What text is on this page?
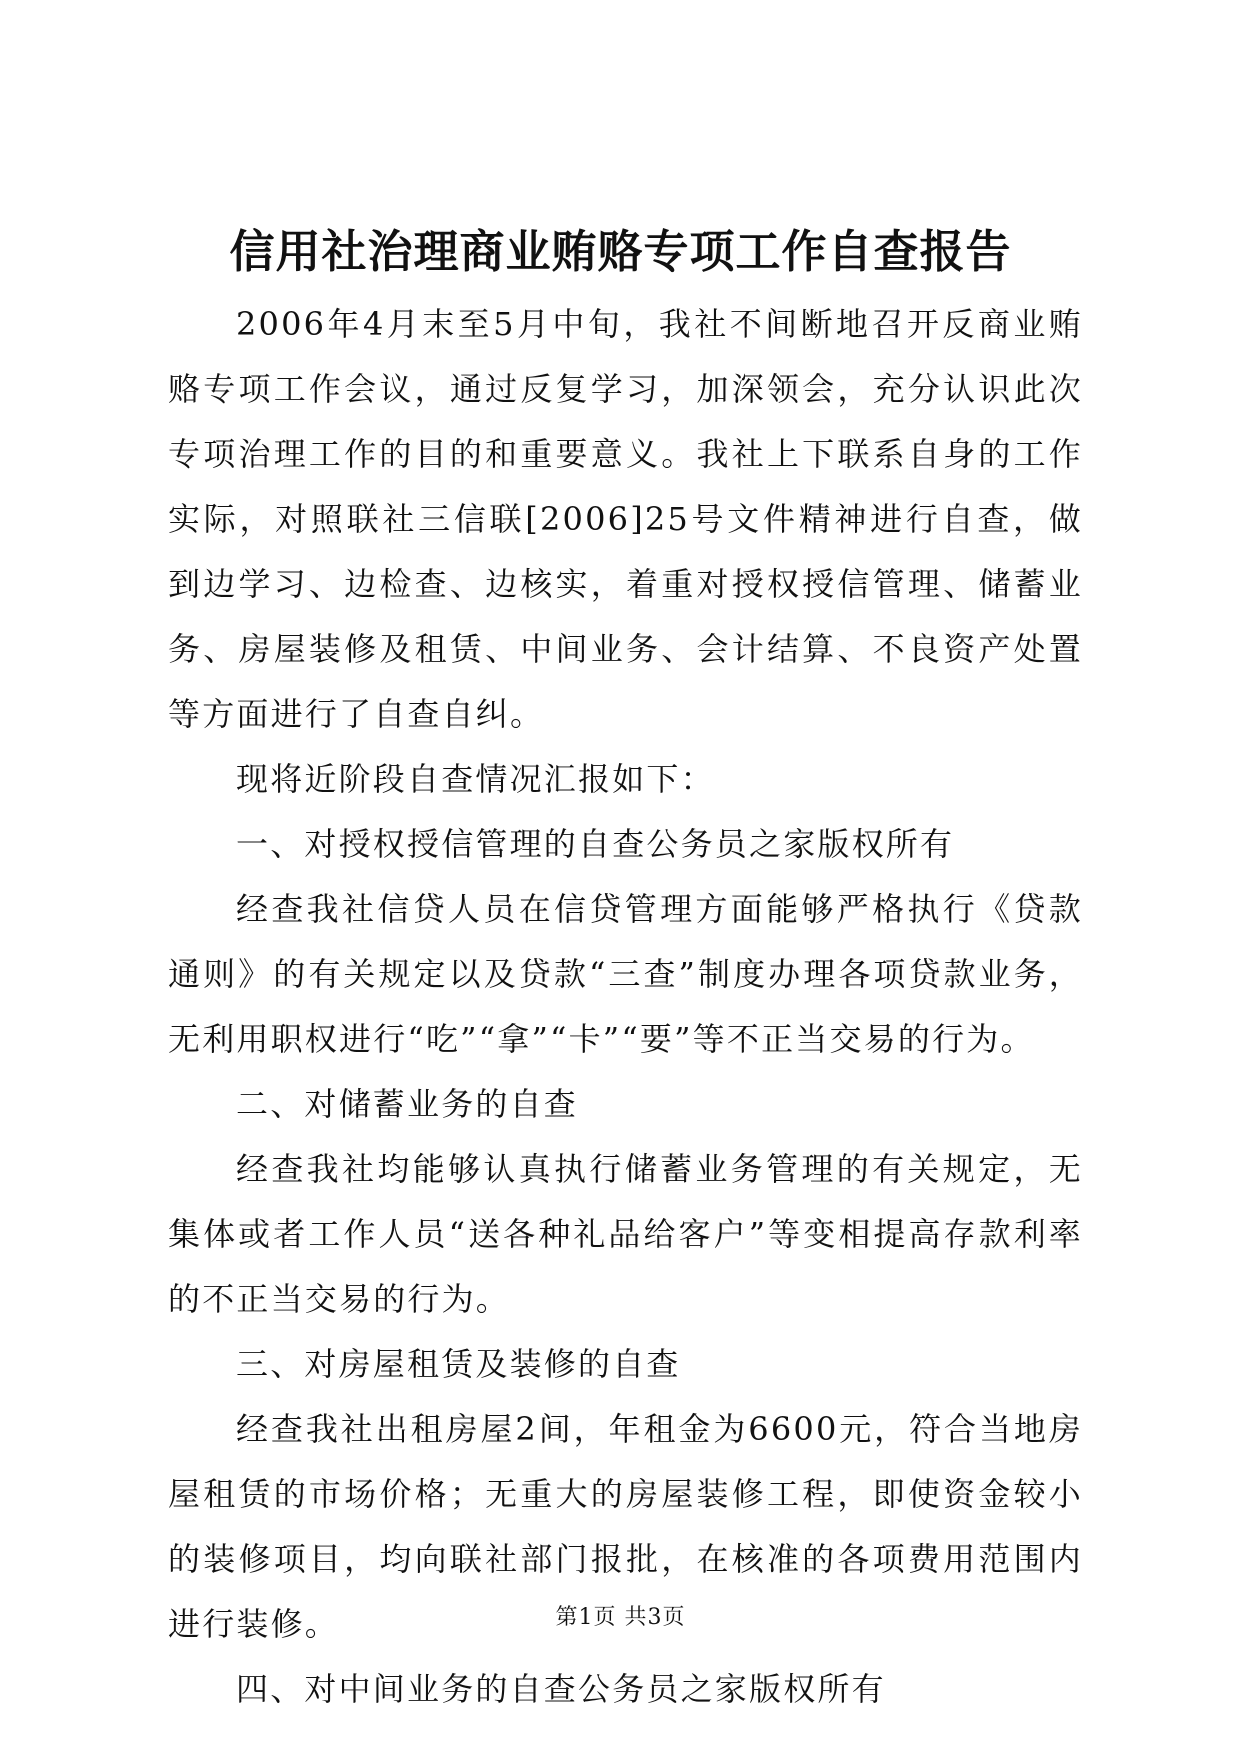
信用社治理商业贿赂专项工作自查报告

2006年4月末至5月中旬，我社不间断地召开反商业贿赂专项工作会议，通过反复学习，加深领会，充分认识此次专项治理工作的目的和重要意义。我社上下联系自身的工作实际，对照联社三信联[2006]25号文件精神进行自查，做到边学习、边检查、边核实，着重对授权授信管理、储蓄业务、房屋装修及租赁、中间业务、会计结算、不良资产处置等方面进行了自查自纠。

现将近阶段自查情况汇报如下：

一、对授权授信管理的自查公务员之家版权所有

经查我社信贷人员在信贷管理方面能够严格执行《贷款通则》的有关规定以及贷款“三查”制度办理各项贷款业务，无利用职权进行“吃”“拿”“卡”“要”等不正当交易的行为。

二、对储蓄业务的自查

经查我社均能够认真执行储蓄业务管理的有关规定，无集体或者工作人员“送各种礼品给客户”等变相提高存款利率的不正当交易的行为。

三、对房屋租赁及装修的自查

经查我社出租房屋2间，年租金为6600元，符合当地房屋租赁的市场价格；无重大的房屋装修工程，即使资金较小的装修项目，均向联社部门报批，在核准的各项费用范围内进行装修。

四、对中间业务的自查公务员之家版权所有

第1页 共3页
